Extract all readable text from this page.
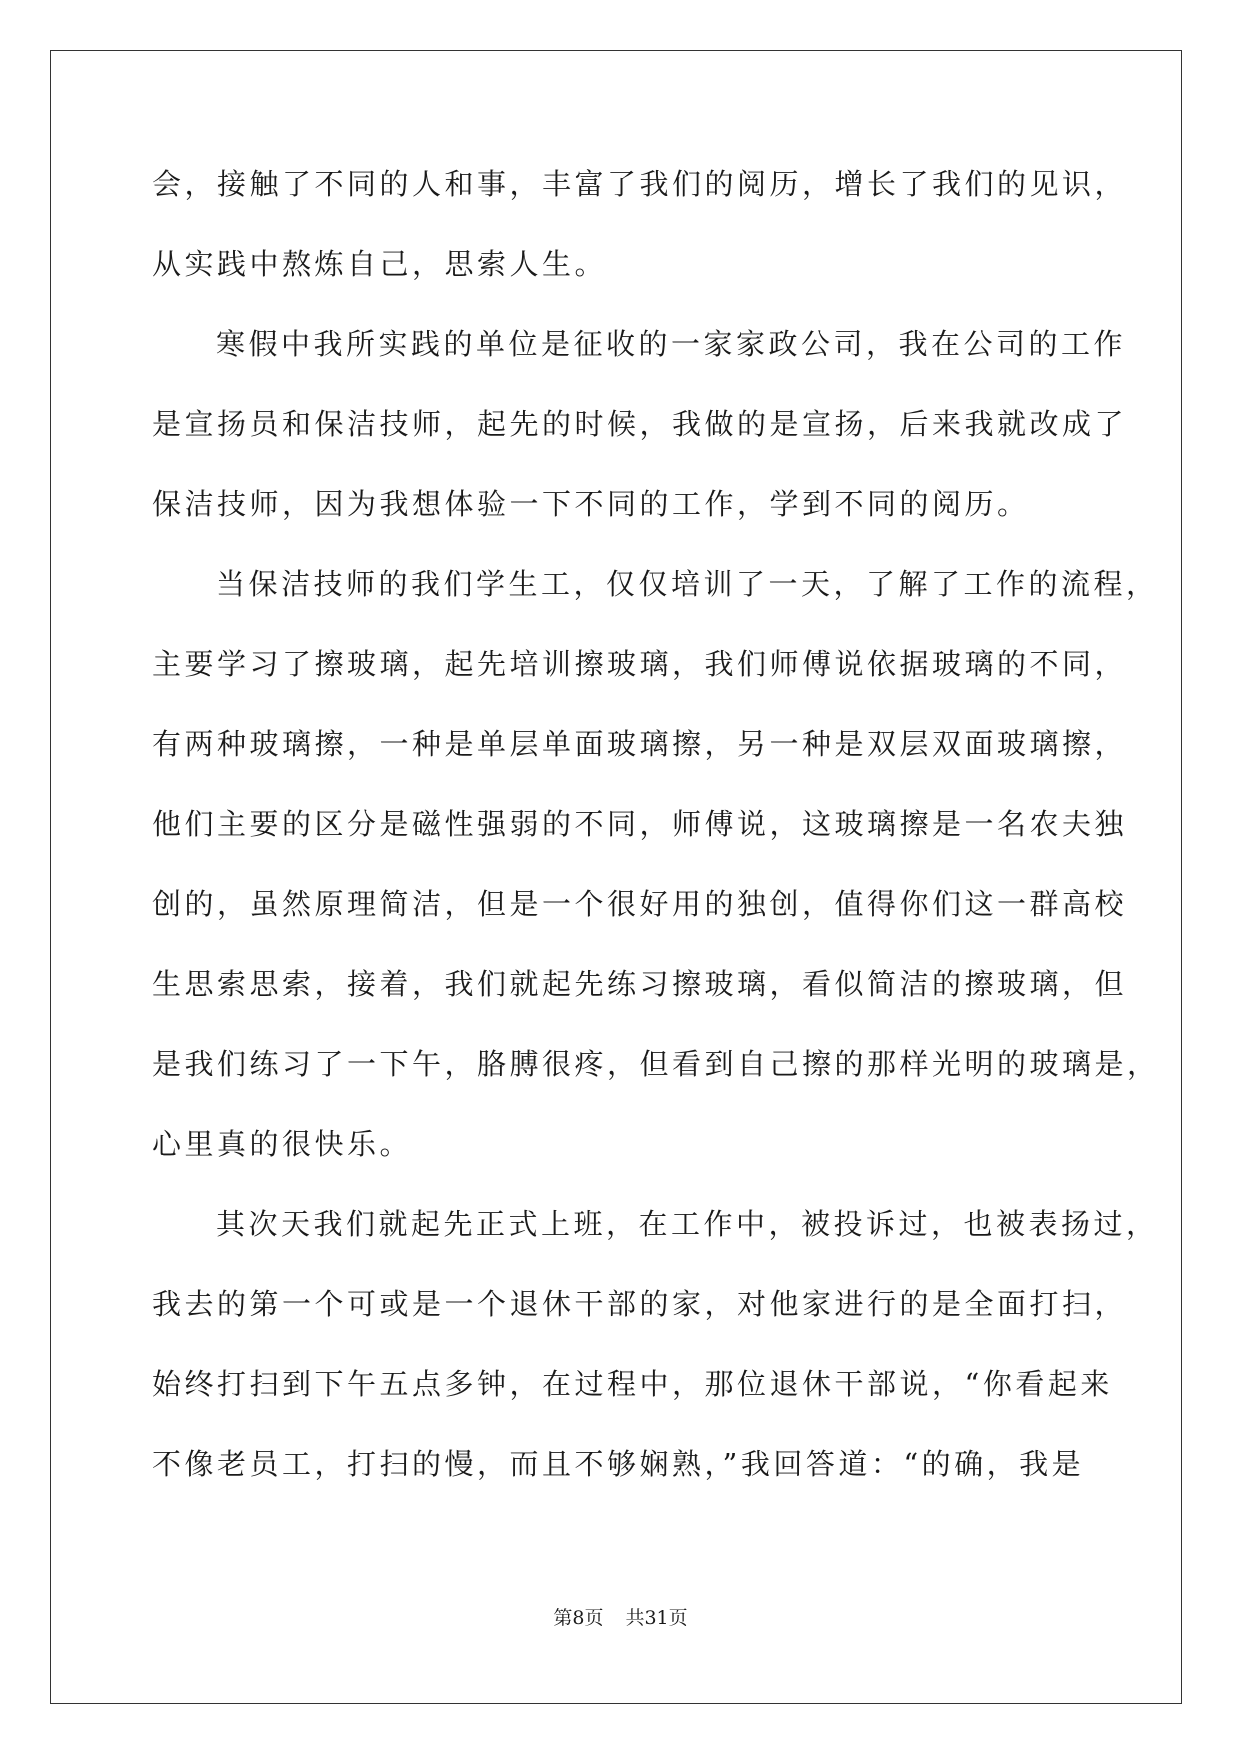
会，接触了不同的人和事，丰富了我们的阅历，增长了我们的见识，
从实践中熬炼自己，思索人生。
寒假中我所实践的单位是征收的一家家政公司，我在公司的工作
是宣扬员和保洁技师，起先的时候，我做的是宣扬，后来我就改成了
保洁技师，因为我想体验一下不同的工作，学到不同的阅历。
当保洁技师的我们学生工，仅仅培训了一天，了解了工作的流程，
主要学习了擦玻璃，起先培训擦玻璃，我们师傅说依据玻璃的不同，
有两种玻璃擦，一种是单层单面玻璃擦，另一种是双层双面玻璃擦，
他们主要的区分是磁性强弱的不同，师傅说，这玻璃擦是一名农夫独
创的，虽然原理简洁，但是一个很好用的独创，值得你们这一群高校
生思索思索，接着，我们就起先练习擦玻璃，看似简洁的擦玻璃，但
是我们练习了一下午，胳膊很疼，但看到自己擦的那样光明的玻璃是，
心里真的很快乐。
其次天我们就起先正式上班，在工作中，被投诉过，也被表扬过，
我去的第一个可或是一个退休干部的家，对他家进行的是全面打扫，
始终打扫到下午五点多钟，在过程中，那位退休干部说，“你看起来
不像老员工，打扫的慢，而且不够娴熟，”我回答道：“的确，我是
第8页 共31页
